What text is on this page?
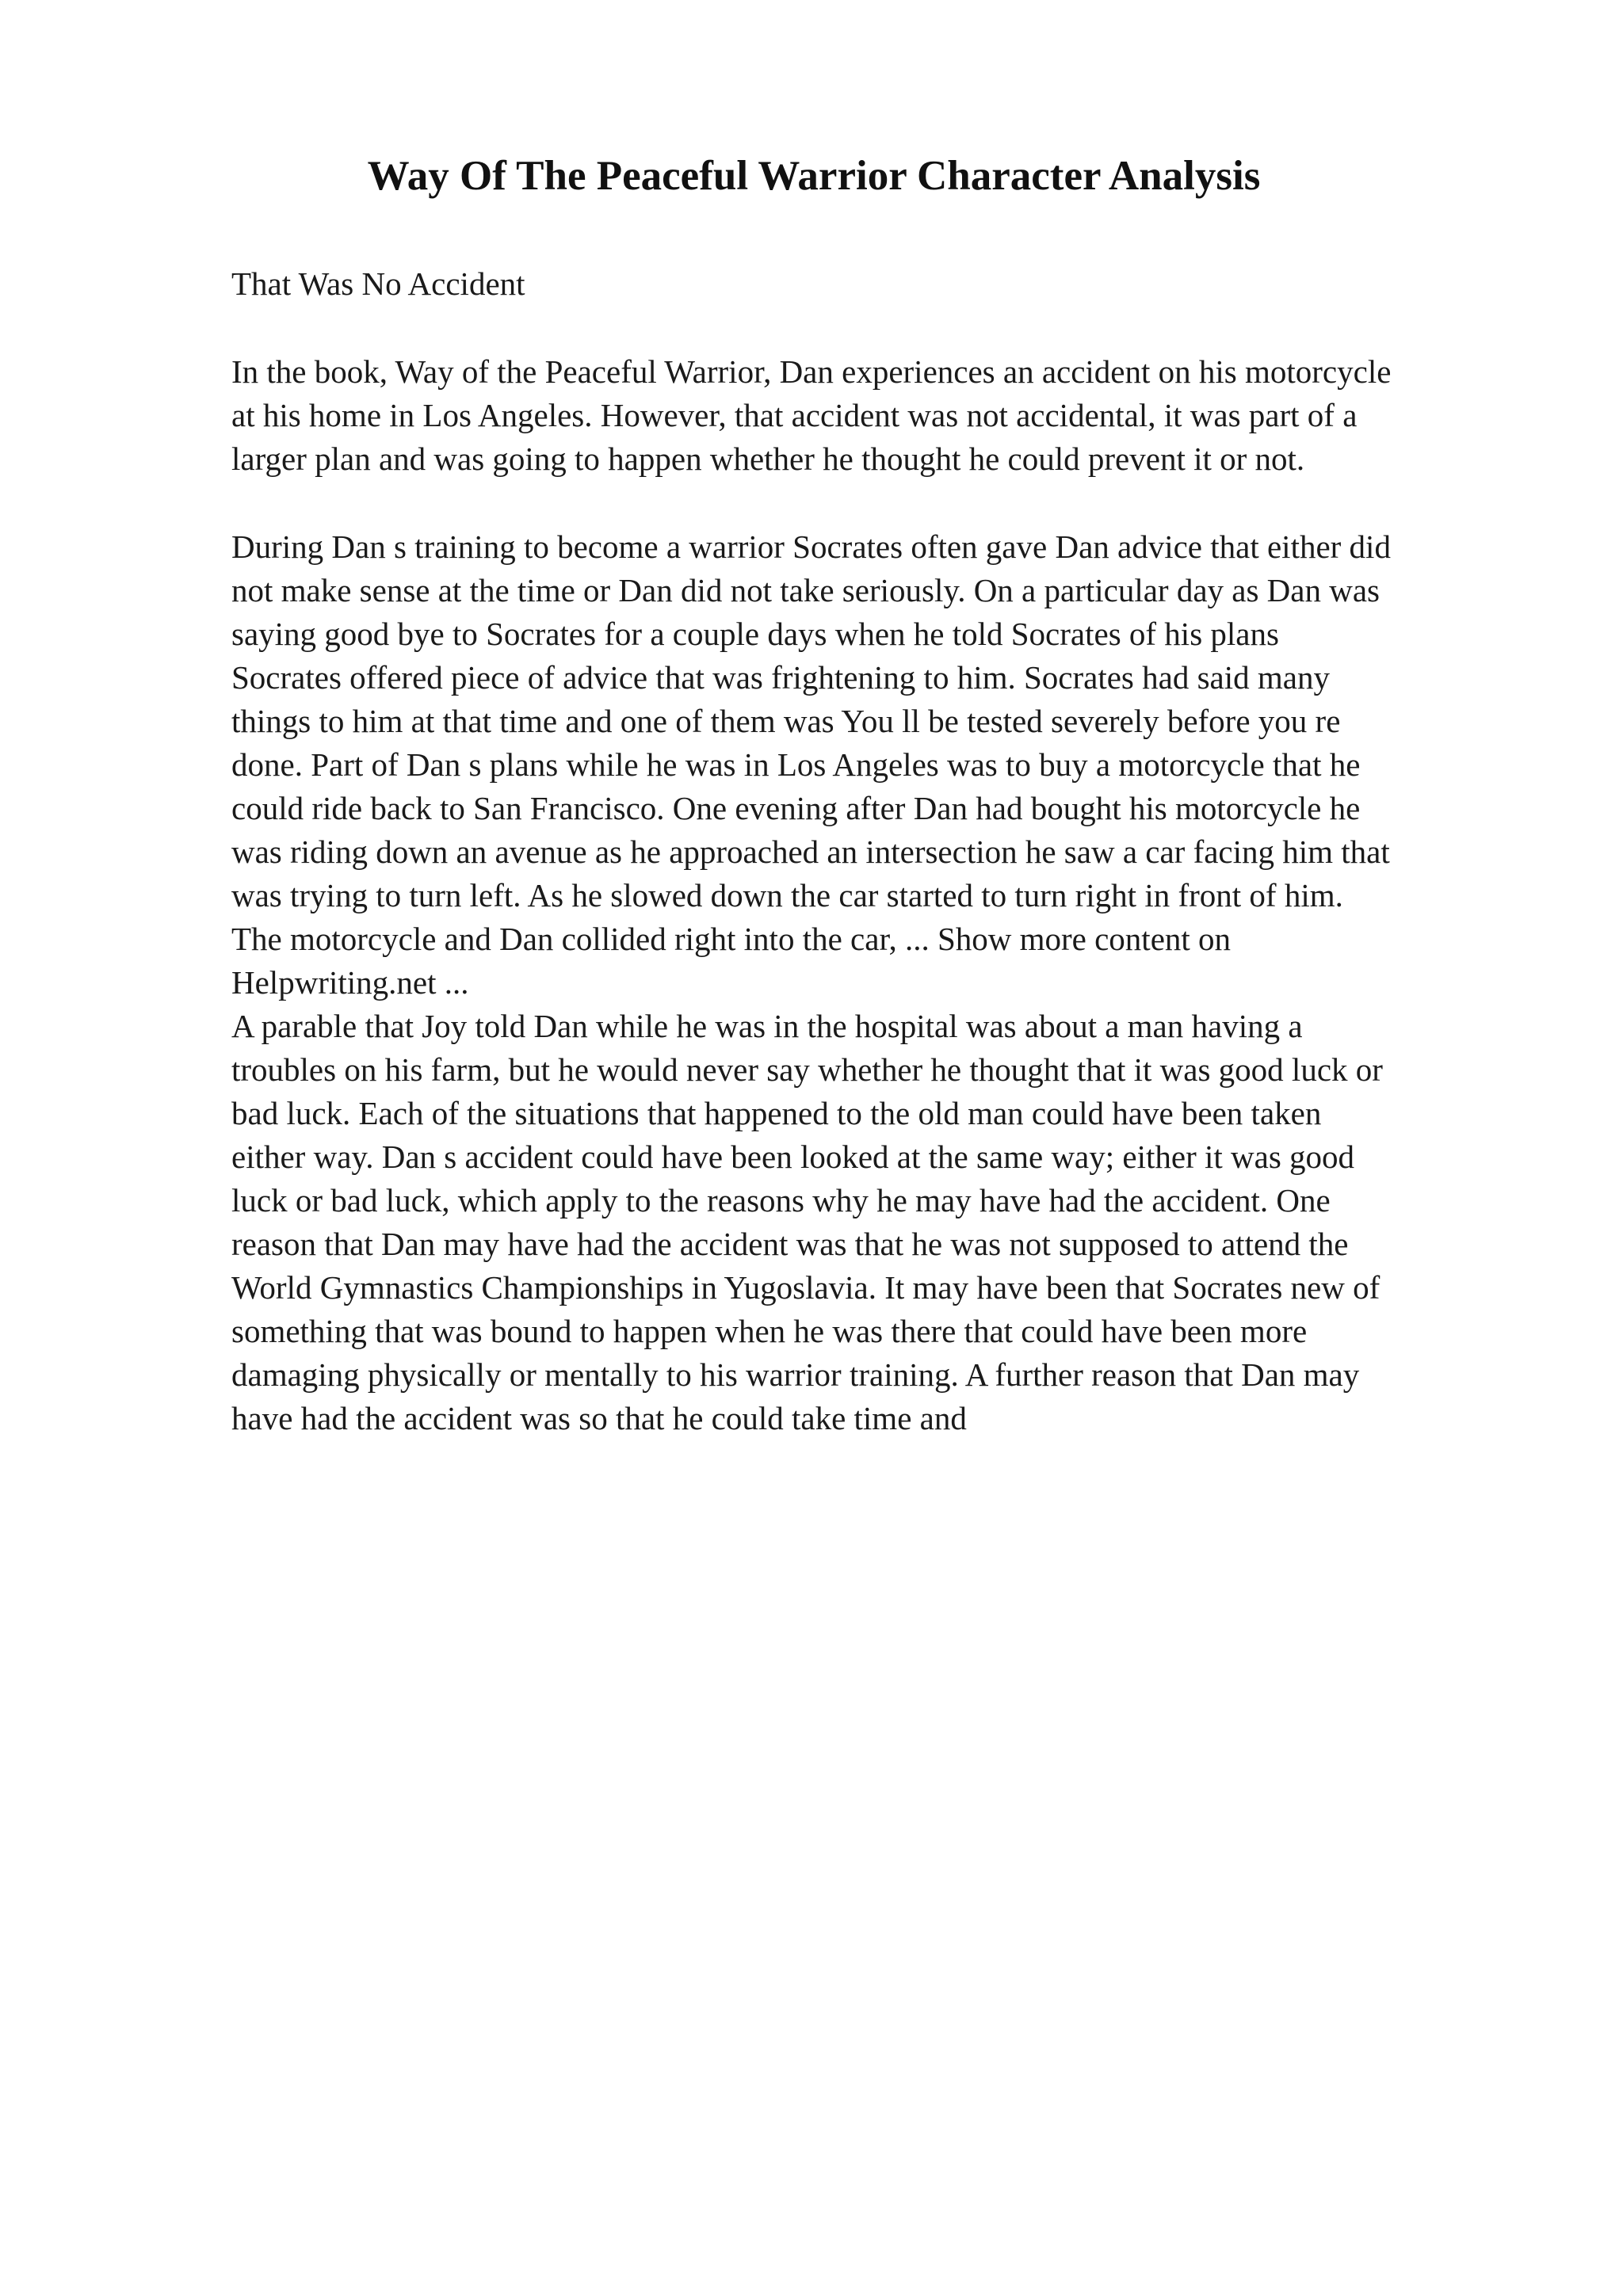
Way Of The Peaceful Warrior Character Analysis

That Was No Accident

In the book, Way of the Peaceful Warrior, Dan experiences an accident on his motorcycle at his home in Los Angeles. However, that accident was not accidental, it was part of a larger plan and was going to happen whether he thought he could prevent it or not.

During Dan s training to become a warrior Socrates often gave Dan advice that either did not make sense at the time or Dan did not take seriously. On a particular day as Dan was saying good bye to Socrates for a couple days when he told Socrates of his plans Socrates offered piece of advice that was frightening to him. Socrates had said many things to him at that time and one of them was You ll be tested severely before you re done. Part of Dan s plans while he was in Los Angeles was to buy a motorcycle that he could ride back to San Francisco. One evening after Dan had bought his motorcycle he was riding down an avenue as he approached an intersection he saw a car facing him that was trying to turn left. As he slowed down the car started to turn right in front of him. The motorcycle and Dan collided right into the car, ... Show more content on Helpwriting.net ...

A parable that Joy told Dan while he was in the hospital was about a man having a troubles on his farm, but he would never say whether he thought that it was good luck or bad luck. Each of the situations that happened to the old man could have been taken either way. Dan s accident could have been looked at the same way; either it was good luck or bad luck, which apply to the reasons why he may have had the accident. One reason that Dan may have had the accident was that he was not supposed to attend the World Gymnastics Championships in Yugoslavia. It may have been that Socrates new of something that was bound to happen when he was there that could have been more damaging physically or mentally to his warrior training. A further reason that Dan may have had the accident was so that he could take time and
